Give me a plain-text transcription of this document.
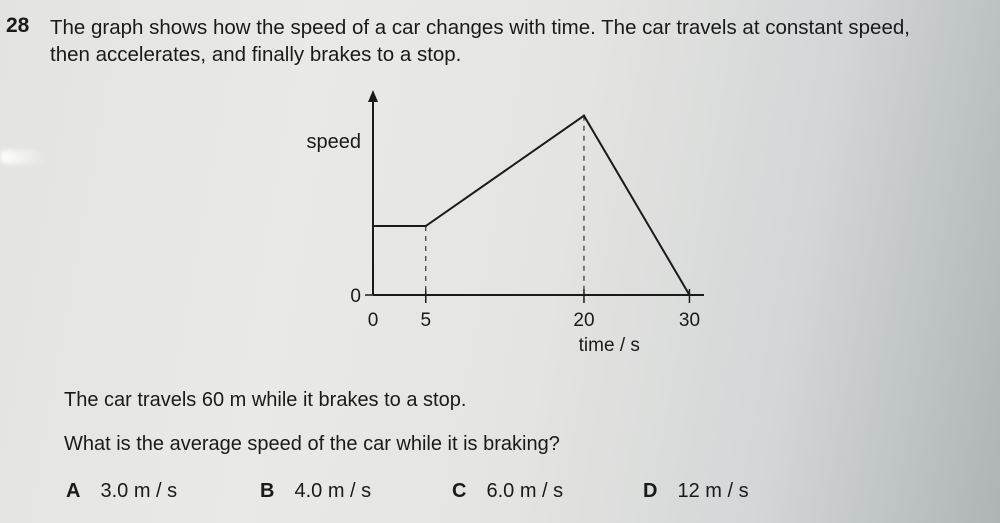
28 The graph shows how the speed of a car changes with time. The car travels at constant speed,
then accelerates, and finally brakes to a stop.
speed
time / s
0
0 5	20	30
The car travels 60 m while it brakes to a stop.
What is the average speed of the car while it is braking?
A 3.0 m / s	B 4.0 m / s	C 6.0 m / s	D 12 m / s
